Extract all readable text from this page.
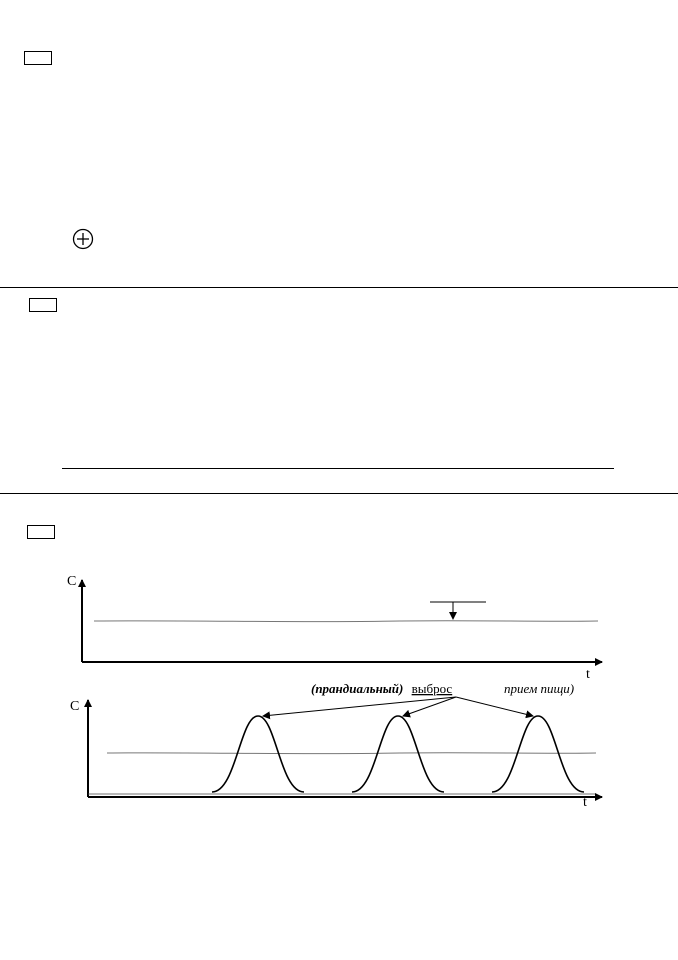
C
t
(прандиальный) выброс	прием пищи)
C
t
